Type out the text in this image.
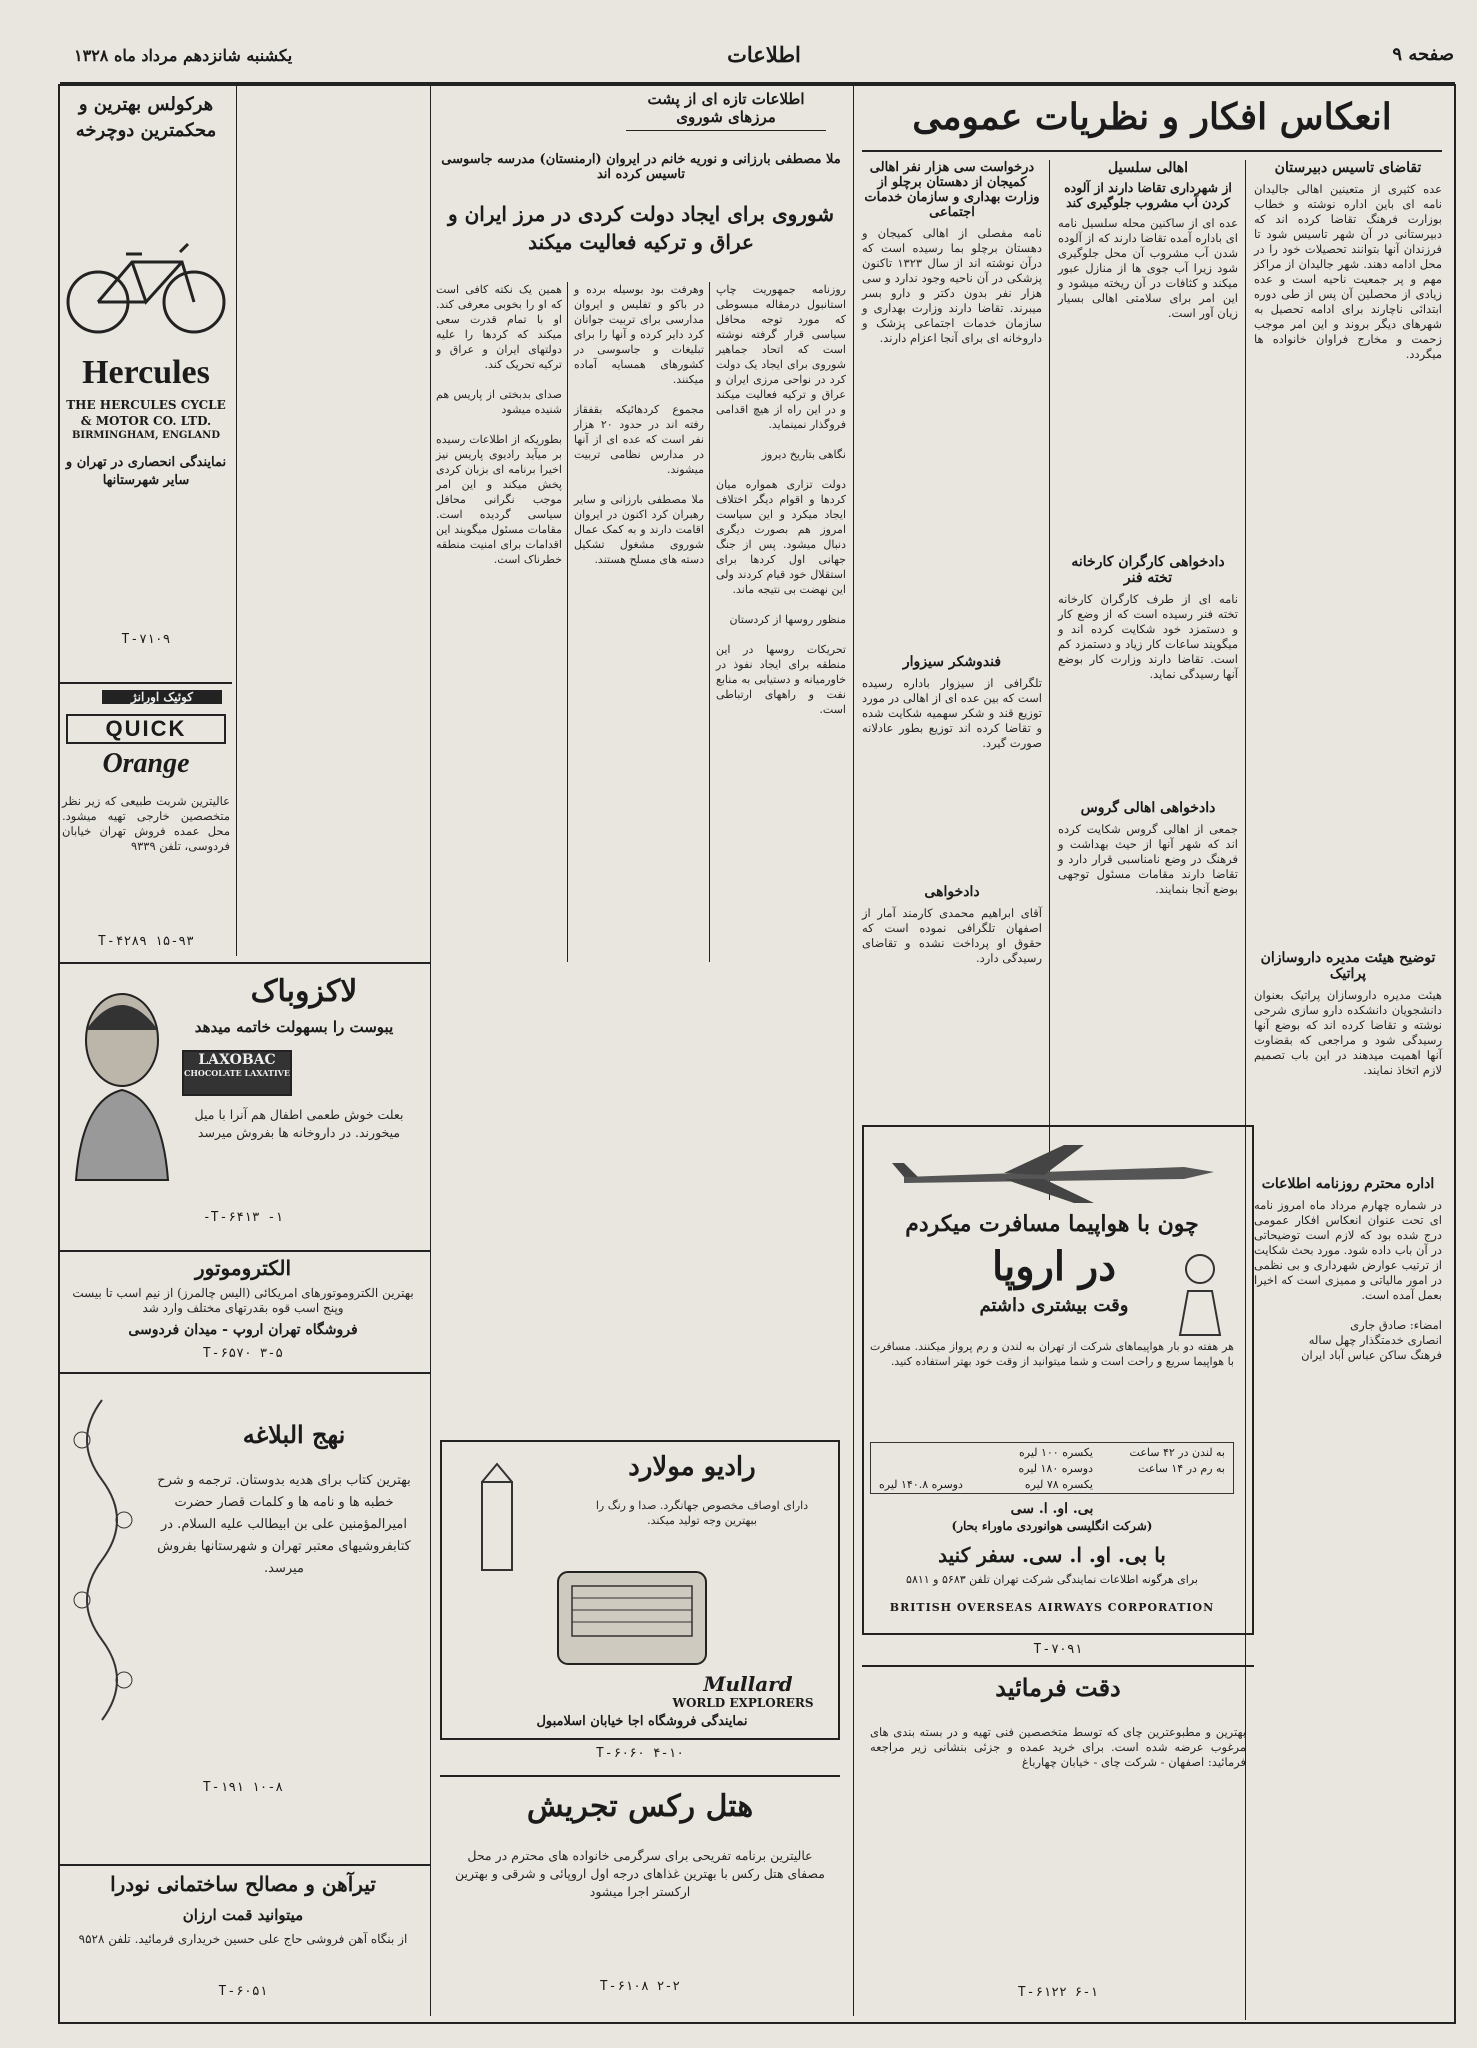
صفحه ۹
اطلاعات
یکشنبه شانزدهم مرداد ماه ۱۳۲۸
انعکاس افکار و نظریات عمومی
تقاضای تاسیس دبیرستان
عده کثیری از متعینین اهالی جالیدان نامه ای باین اداره نوشته و خطاب بوزارت فرهنگ تقاضا کرده اند که دبیرستانی در آن شهر تاسیس شود تا فرزندان آنها بتوانند تحصیلات خود را در محل ادامه دهند. شهر جالیدان از مراکز مهم و پر جمعیت ناحیه است و عده زیادی از محصلین آن پس از طی دوره ابتدائی ناچارند برای ادامه تحصیل به شهرهای دیگر بروند و این امر موجب زحمت و مخارج فراوان خانواده ها میگردد.
توضیح هیئت مدیره داروسازان پراتیک
هیئت مدیره داروسازان پراتیک بعنوان دانشجویان دانشکده دارو سازی شرحی نوشته و تقاضا کرده اند که بوضع آنها رسیدگی شود و مراجعی که بقضاوت آنها اهمیت میدهند در این باب تصمیم لازم اتخاذ نمایند.
اداره محترم روزنامه اطلاعات
در شماره چهارم مرداد ماه امروز نامه ای تحت عنوان انعکاس افکار عمومی درج شده بود که لازم است توضیحاتی در آن باب داده شود. مورد بحث شکایت از ترتیب عوارض شهرداری و بی نظمی در امور مالیاتی و ممیزی است که اخیرا بعمل آمده است.

امضاء: صادق جاری
انصاری خدمتگذار چهل ساله
فرهنگ ساکن عباس آباد ایران
اهالی سلسیل
از شهرداری تقاضا دارند از آلوده کردن آب مشروب جلوگیری کند
عده ای از ساکنین محله سلسیل نامه ای باداره آمده تقاضا دارند که از آلوده شدن آب مشروب آن محل جلوگیری شود زیرا آب جوی ها از منازل عبور میکند و کثافات در آن ریخته میشود و این امر برای سلامتی اهالی بسیار زیان آور است.
دادخواهی کارگران کارخانه تخته فنر
نامه ای از طرف کارگران کارخانه تخته فنر رسیده است که از وضع کار و دستمزد خود شکایت کرده اند و میگویند ساعات کار زیاد و دستمزد کم است. تقاضا دارند وزارت کار بوضع آنها رسیدگی نماید.
دادخواهی اهالی گروس
جمعی از اهالی گروس شکایت کرده اند که شهر آنها از حیث بهداشت و فرهنگ در وضع نامناسبی قرار دارد و تقاضا دارند مقامات مسئول توجهی بوضع آنجا بنمایند.
درخواست سی هزار نفر اهالی کمیجان از دهستان برچلو از وزارت بهداری و سازمان خدمات اجتماعی
نامه مفصلی از اهالی کمیجان و دهستان برچلو بما رسیده است که درآن نوشته اند از سال ۱۳۲۳ تاکنون پزشکی در آن ناحیه وجود ندارد و سی هزار نفر بدون دکتر و دارو بسر میبرند. تقاضا دارند وزارت بهداری و سازمان خدمات اجتماعی پزشک و داروخانه ای برای آنجا اعزام دارند.
فندوشکر سیزوار
تلگرافی از سیزوار باداره رسیده است که بین عده ای از اهالی در مورد توزیع قند و شکر سهمیه شکایت شده و تقاضا کرده اند توزیع بطور عادلانه صورت گیرد.
دادخواهی
آقای ابراهیم محمدی کارمند آمار از اصفهان تلگرافی نموده است که حقوق او پرداخت نشده و تقاضای رسیدگی دارد.
چون با هواپیما مسافرت میکردم
در اروپا
وقت بیشتری داشتم
هر هفته دو بار هواپیماهای شرکت از تهران به لندن و رم پرواز میکنند. مسافرت با هواپیما سریع و راحت است و شما میتوانید از وقت خود بهتر استفاده کنید.
به لندن در ۴۲ ساعت
یکسره ۱۰۰ لیره
دوسره ۱۸۰ لیره	به رم در ۱۴ ساعت
یکسره ۷۸ لیره
دوسره ۱۴۰.۸ لیره
بی. او. ا. سی
(شرکت انگلیسی هوانوردی ماوراء بحار)
با بی. او. ا. سی. سفر کنید
برای هرگونه اطلاعات نمایندگی شرکت تهران تلفن ۵۶۸۳ و ۵۸۱۱
BRITISH OVERSEAS AIRWAYS CORPORATION
T-۷۰۹۱
دقت فرمائید
بهترین و مطبوعترین چای که توسط متخصصین فنی تهیه و در بسته بندی های مرغوب عرضه شده است. برای خرید عمده و جزئی بنشانی زیر مراجعه فرمائید: اصفهان - شرکت چای - خیابان چهارباغ
T-۶۱۲۲ ۶-۱
اطلاعات تازه ای از پشت مرزهای شوروی
ملا مصطفی بارزانی و نوریه خانم در ایروان (ارمنستان) مدرسه جاسوسی تاسیس کرده اند
شوروی برای ایجاد دولت کردی در مرز ایران و عراق و ترکیه فعالیت میکند
روزنامه جمهوریت چاپ استانبول درمقاله مبسوطی که مورد توجه محافل سیاسی قرار گرفته نوشته است که اتحاد جماهیر شوروی برای ایجاد یک دولت کرد در نواحی مرزی ایران و عراق و ترکیه فعالیت میکند و در این راه از هیچ اقدامی فروگذار نمینماید.

نگاهی بتاریخ دیروز

دولت تزاری همواره میان کردها و اقوام دیگر اختلاف ایجاد میکرد و این سیاست امروز هم بصورت دیگری دنبال میشود. پس از جنگ جهانی اول کردها برای استقلال خود قیام کردند ولی این نهضت بی نتیجه ماند.

منظور روسها از کردستان

تحریکات روسها در این منطقه برای ایجاد نفوذ در خاورمیانه و دستیابی به منابع نفت و راههای ارتباطی است.
وهرفت بود بوسیله برده و در باکو و تفلیس و ایروان مدارسی برای تربیت جوانان کرد دایر کرده و آنها را برای تبلیغات و جاسوسی در کشورهای همسایه آماده میکنند.

مجموع کردهائیکه بقفقاز رفته اند در حدود ۲۰ هزار نفر است که عده ای از آنها در مدارس نظامی تربیت میشوند.

ملا مصطفی بارزانی و سایر رهبران کرد اکنون در ایروان اقامت دارند و به کمک عمال شوروی مشغول تشکیل دسته های مسلح هستند.
همین یک نکته کافی است که او را بخوبی معرفی کند. او با تمام قدرت سعی میکند که کردها را علیه دولتهای ایران و عراق و ترکیه تحریک کند.

صدای بدبختی از پاریس هم شنیده میشود

بطوریکه از اطلاعات رسیده بر میآید رادیوی پاریس نیز اخیرا برنامه ای بزبان کردی پخش میکند و این امر موجب نگرانی محافل سیاسی گردیده است. مقامات مسئول میگویند این اقدامات برای امنیت منطقه خطرناک است.
رادیو مولارد
دارای اوصاف مخصوص جهانگرد. صدا و رنگ را ببهترین وجه تولید میکند.
Mullard
WORLD EXPLORERS
نمایندگی فروشگاه اجا خیابان اسلامبول
T-۶۰۶۰ ۴-۱۰
هتل رکس تجریش
عالیترین برنامه تفریحی برای سرگرمی خانواده های محترم در محل مصفای هتل رکس با بهترین غذاهای درجه اول اروپائی و شرقی و بهترین ارکستر اجرا میشود
T-۶۱۰۸ ۲-۲
هرکولس بهترین و محکمترین دوچرخه
Hercules
THE HERCULES CYCLE
& MOTOR CO. LTD.
BIRMINGHAM, ENGLAND
نمایندگی انحصاری در تهران و سایر شهرستانها
T-۷۱۰۹
کوئیک اورانژ
QUICK
Orange
عالیترین شربت طبیعی که زیر نظر متخصصین خارجی تهیه میشود. محل عمده فروش تهران خیابان فردوسی، تلفن ۹۳۳۹
T-۴۲۸۹ ۱۵-۹۳
لاکزوباک
یبوست را بسهولت خاتمه میدهد
LAXOBAC
CHOCOLATE LAXATIVE
بعلت خوش طعمی اطفال هم آنرا با میل میخورند. در داروخانه ها بفروش میرسد
T-۶۴۱۳ -۱-
الکتروموتور
بهترین الکتروموتورهای امریکائی (الیس چالمرز) از نیم اسب تا بیست وپنج اسب قوه بقدرتهای مختلف وارد شد
فروشگاه تهران اروپ - میدان فردوسی
T-۶۵۷۰ ۳-۵
نهج البلاغه
بهترین کتاب برای هدیه بدوستان. ترجمه و شرح خطبه ها و نامه ها و کلمات قصار حضرت امیرالمؤمنین علی بن ابیطالب علیه السلام. در کتابفروشیهای معتبر تهران و شهرستانها بفروش میرسد.
T-۱۹۱ ۱۰-۸
تیرآهن و مصالح ساختمانی نودرا
میتوانید قمت ارزان
از بنگاه آهن فروشی حاج علی حسین خریداری فرمائید. تلفن ۹۵۲۸
T-۶۰۵۱
